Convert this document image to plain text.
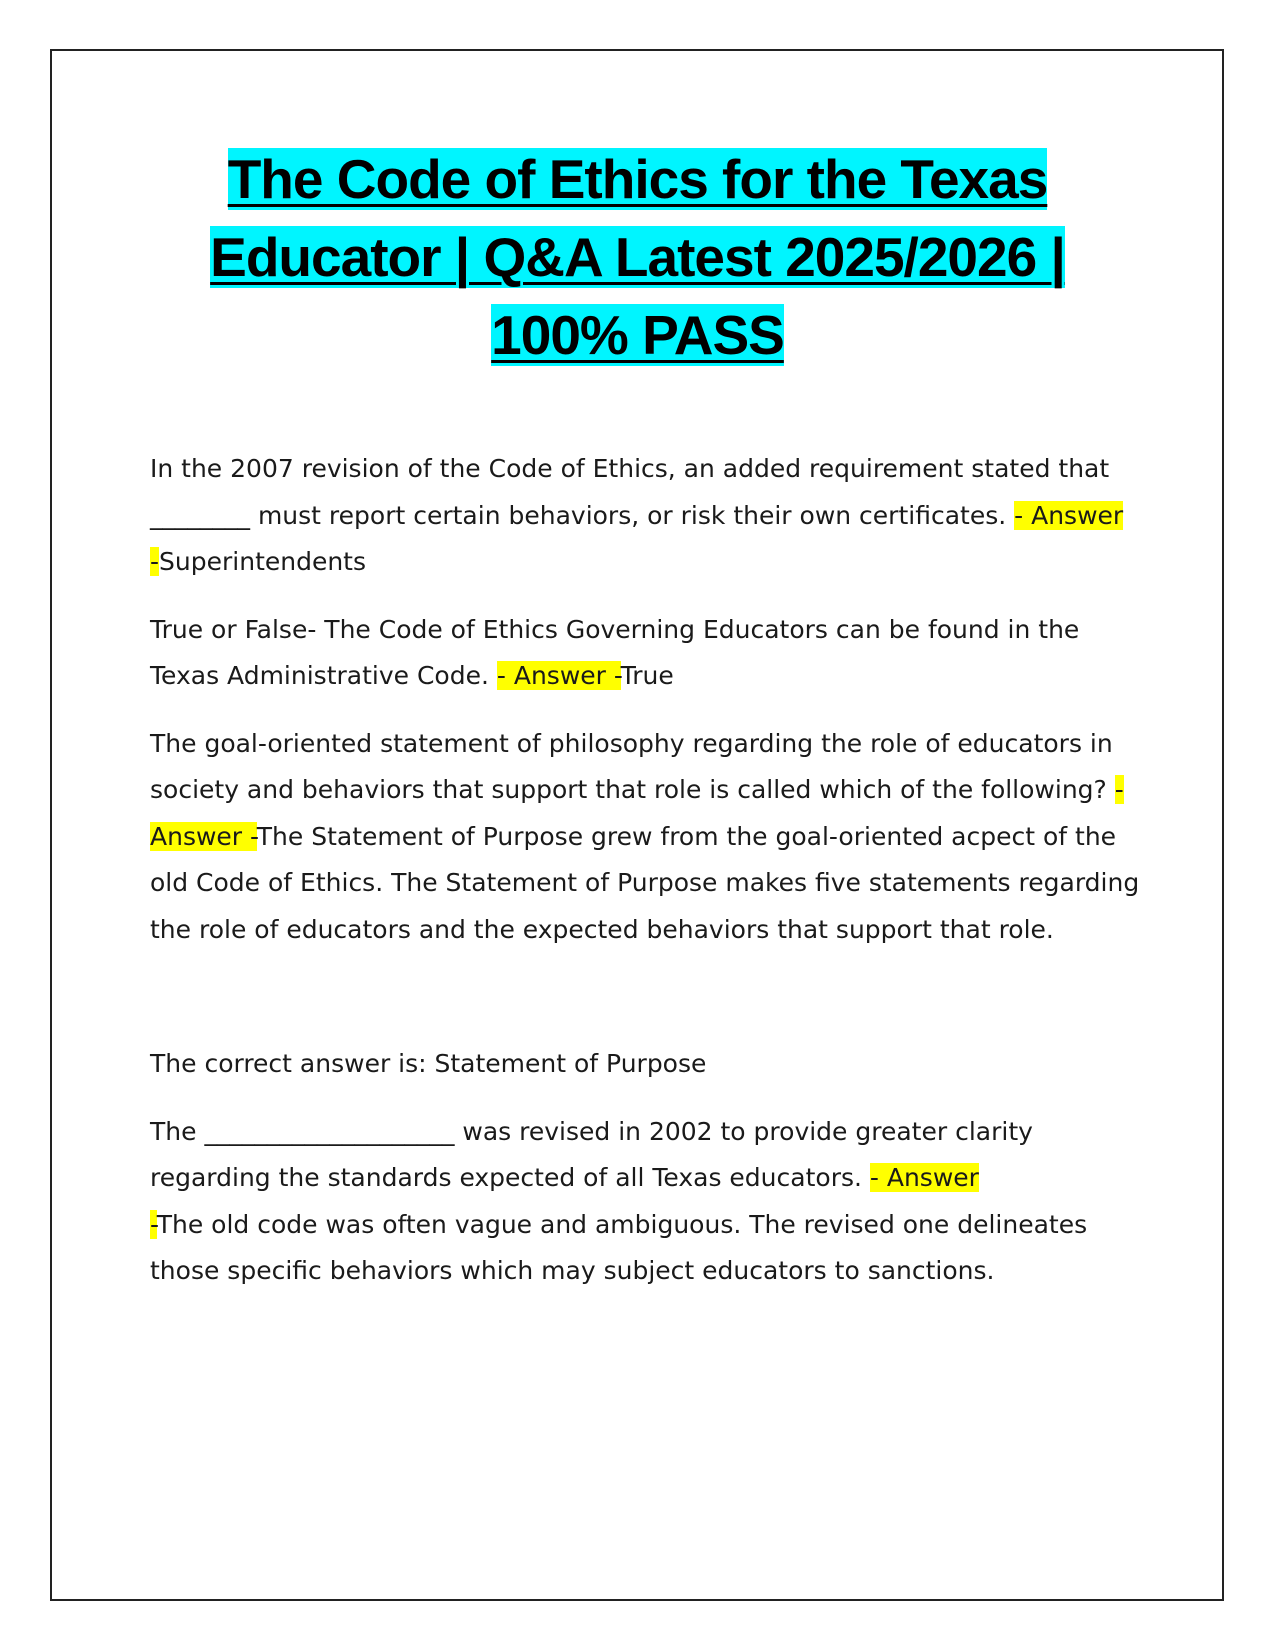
The Code of Ethics for the Texas
Educator | Q&A Latest 2025/2026 |
100% PASS

In the 2007 revision of the Code of Ethics, an added requirement stated that ________ must report certain behaviors, or risk their own certificates. - Answer -Superintendents

True or False- The Code of Ethics Governing Educators can be found in the Texas Administrative Code. - Answer -True

The goal-oriented statement of philosophy regarding the role of educators in society and behaviors that support that role is called which of the following? - Answer -The Statement of Purpose grew from the goal-oriented acpect of the old Code of Ethics. The Statement of Purpose makes five statements regarding the role of educators and the expected behaviors that support that role.

The correct answer is: Statement of Purpose

The ____________________ was revised in 2002 to provide greater clarity regarding the standards expected of all Texas educators. - Answer
-The old code was often vague and ambiguous. The revised one delineates those specific behaviors which may subject educators to sanctions.
